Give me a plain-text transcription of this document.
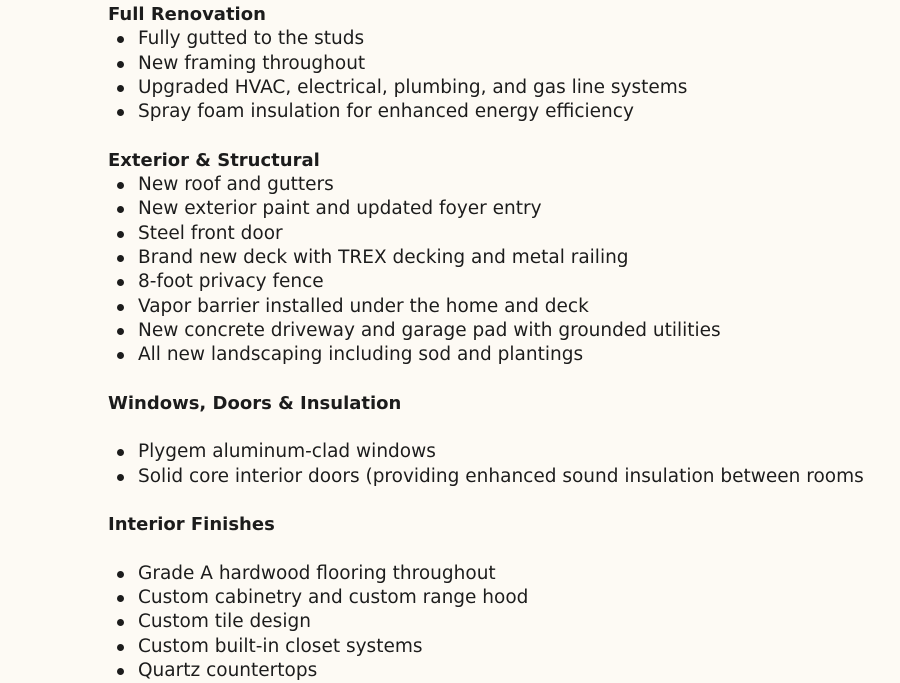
Full Renovation
Fully gutted to the studs
New framing throughout
Upgraded HVAC, electrical, plumbing, and gas line systems
Spray foam insulation for enhanced energy efficiency
Exterior & Structural
New roof and gutters
New exterior paint and updated foyer entry
Steel front door
Brand new deck with TREX decking and metal railing
8-foot privacy fence
Vapor barrier installed under the home and deck
New concrete driveway and garage pad with grounded utilities
All new landscaping including sod and plantings
Windows, Doors & Insulation
Plygem aluminum-clad windows
Solid core interior doors (providing enhanced sound insulation between rooms
Interior Finishes
Grade A hardwood flooring throughout
Custom cabinetry and custom range hood
Custom tile design
Custom built-in closet systems
Quartz countertops
